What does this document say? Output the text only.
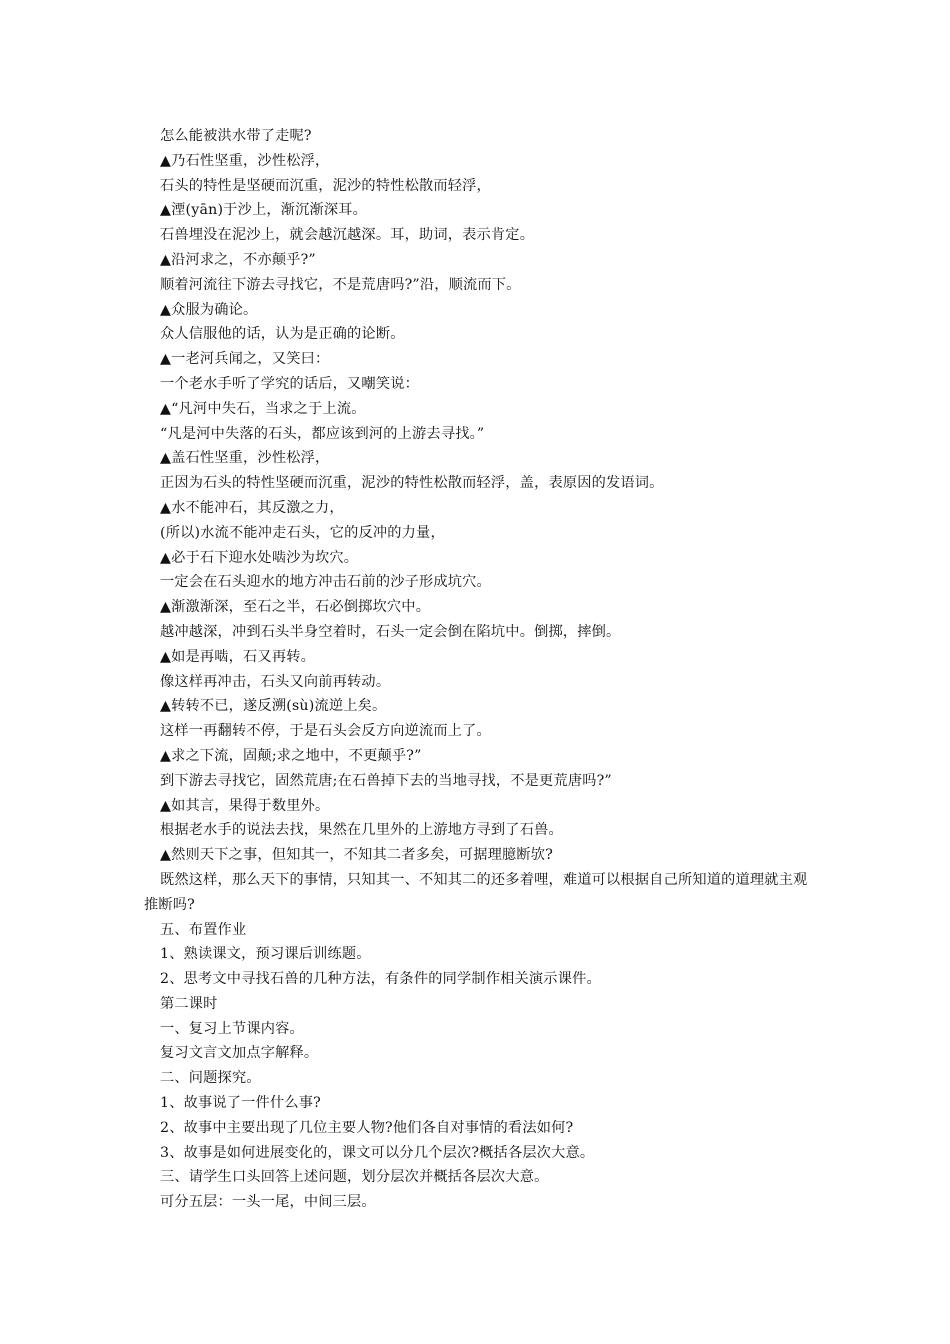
怎么能被洪水带了走呢?
▲乃石性坚重，沙性松浮，
石头的特性是坚硬而沉重，泥沙的特性松散而轻浮，
▲湮(yān)于沙上，渐沉渐深耳。
石兽埋没在泥沙上，就会越沉越深。耳，助词，表示肯定。
▲沿河求之，不亦颠乎?”
顺着河流往下游去寻找它，不是荒唐吗?”沿，顺流而下。
▲众服为确论。
众人信服他的话，认为是正确的论断。
▲一老河兵闻之，又笑曰：
一个老水手听了学究的话后，又嘲笑说：
▲“凡河中失石，当求之于上流。
“凡是河中失落的石头，都应该到河的上游去寻找。”
▲盖石性坚重，沙性松浮，
正因为石头的特性坚硬而沉重，泥沙的特性松散而轻浮，盖，表原因的发语词。
▲水不能冲石，其反激之力，
(所以)水流不能冲走石头，它的反冲的力量，
▲必于石下迎水处啮沙为坎穴。
一定会在石头迎水的地方冲击石前的沙子形成坑穴。
▲渐激渐深，至石之半，石必倒掷坎穴中。
越冲越深，冲到石头半身空着时，石头一定会倒在陷坑中。倒掷，摔倒。
▲如是再啮，石又再转。
像这样再冲击，石头又向前再转动。
▲转转不已，遂反溯(sù)流逆上矣。
这样一再翻转不停，于是石头会反方向逆流而上了。
▲求之下流，固颠;求之地中，不更颠乎?”
到下游去寻找它，固然荒唐;在石兽掉下去的当地寻找，不是更荒唐吗?”
▲如其言，果得于数里外。
根据老水手的说法去找，果然在几里外的上游地方寻到了石兽。
▲然则天下之事，但知其一，不知其二者多矣，可据理臆断欤?
既然这样，那么天下的事情，只知其一、不知其二的还多着哩，难道可以根据自己所知道的道理就主观推断吗?
五、布置作业
1、熟读课文，预习课后训练题。
2、思考文中寻找石兽的几种方法，有条件的同学制作相关演示课件。
第二课时
一、复习上节课内容。
复习文言文加点字解释。
二、问题探究。
1、故事说了一件什么事?
2、故事中主要出现了几位主要人物?他们各自对事情的看法如何?
3、故事是如何进展变化的，课文可以分几个层次?概括各层次大意。
三、请学生口头回答上述问题，划分层次并概括各层次大意。
可分五层：一头一尾，中间三层。
